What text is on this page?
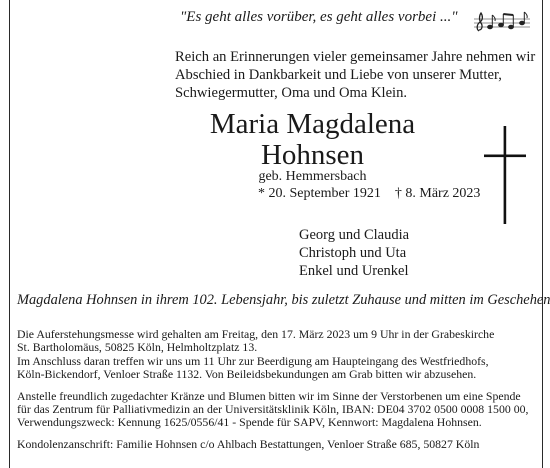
"Es geht alles vorüber, es geht alles vorbei ..."
Reich an Erinnerungen vieler gemeinsamer Jahre nehmen wir
Abschied in Dankbarkeit und Liebe von unserer Mutter,
Schwiegermutter, Oma und Oma Klein.
Maria Magdalena
Hohnsen
geb. Hemmersbach
* 20. September 1921 † 8. März 2023
Georg und Claudia
Christoph und Uta
Enkel und Urenkel
Magdalena Hohnsen in ihrem 102. Lebensjahr, bis zuletzt Zuhause und mitten im Geschehen
Die Auferstehungsmesse wird gehalten am Freitag, den 17. März 2023 um 9 Uhr in der Grabeskirche
St. Bartholomäus, 50825 Köln, Helmholtzplatz 13.
Im Anschluss daran treffen wir uns um 11 Uhr zur Beerdigung am Haupteingang des Westfriedhofs,
Köln-Bickendorf, Venloer Straße 1132. Von Beileidsbekundungen am Grab bitten wir abzusehen.
Anstelle freundlich zugedachter Kränze und Blumen bitten wir im Sinne der Verstorbenen um eine Spende
für das Zentrum für Palliativmedizin an der Universitätsklinik Köln, IBAN: DE04 3702 0500 0008 1500 00,
Verwendungszweck: Kennung 1625/0556/41 - Spende für SAPV, Kennwort: Magdalena Hohnsen.
Kondolenzanschrift: Familie Hohnsen c/o Ahlbach Bestattungen, Venloer Straße 685, 50827 Köln
